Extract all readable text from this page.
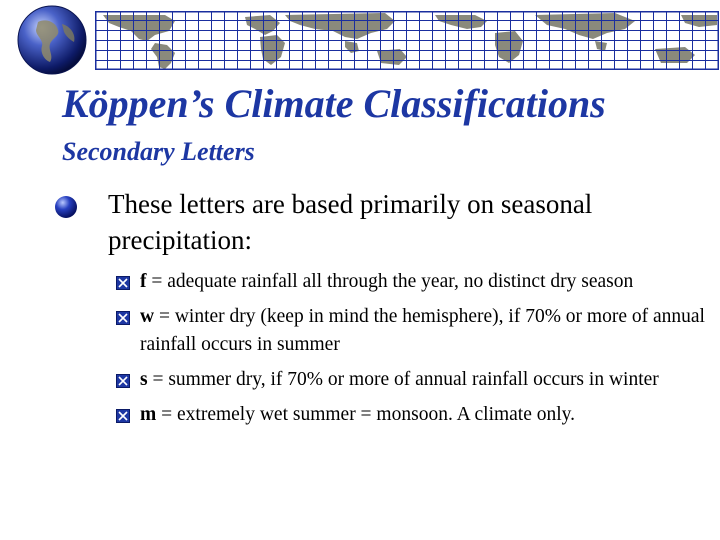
Köppen’s Climate Classifications
Secondary Letters

These letters are based primarily on seasonal precipitation:

f = adequate rainfall all through the year, no distinct dry season
w = winter dry (keep in mind the hemisphere), if 70% or more of annual rainfall occurs in summer
s = summer dry, if 70% or more of annual rainfall occurs in winter
m = extremely wet summer = monsoon. A climate only.
